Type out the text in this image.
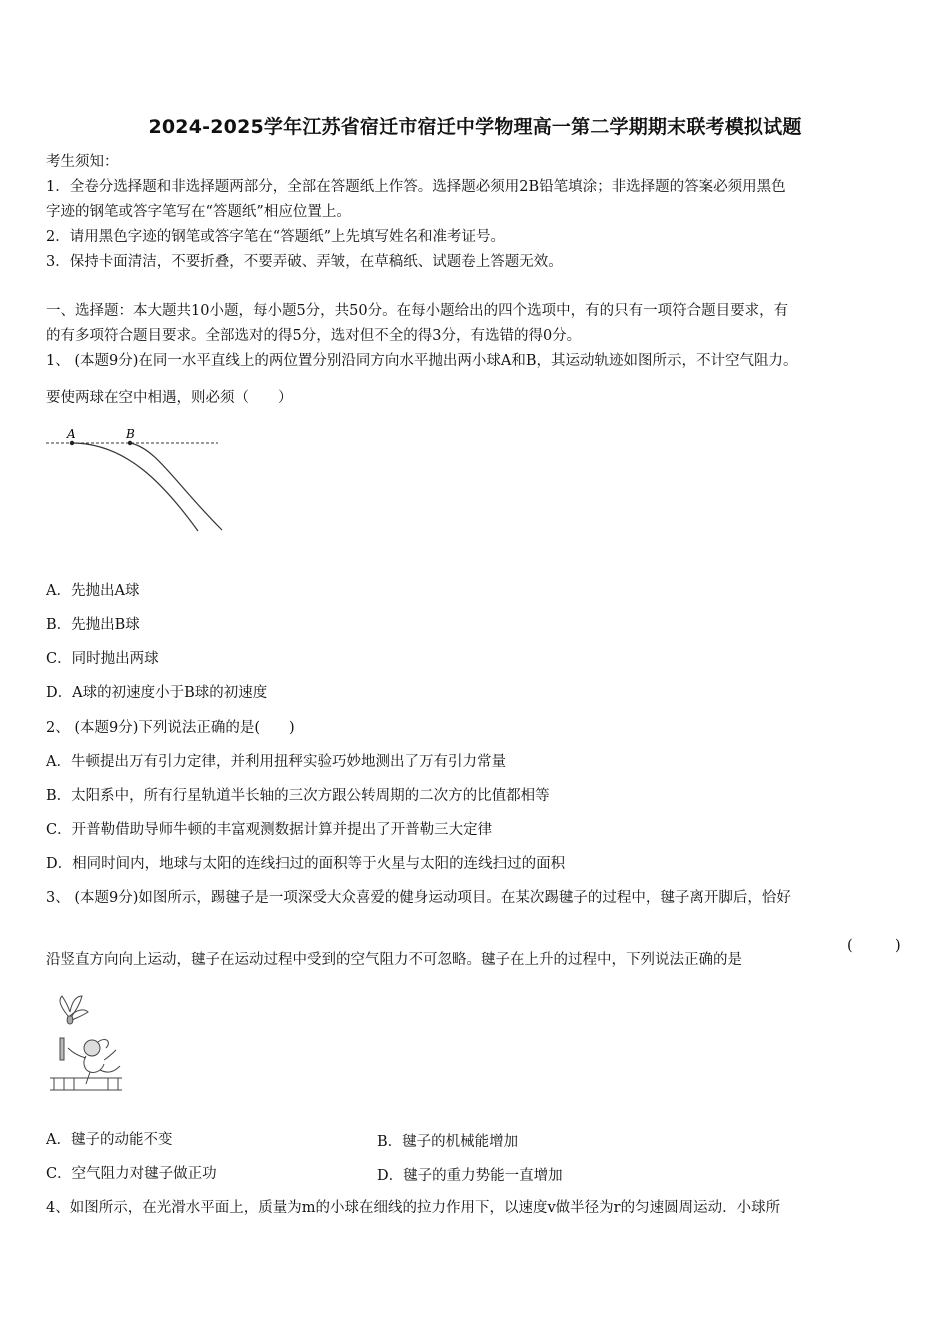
2024-2025学年江苏省宿迁市宿迁中学物理高一第二学期期末联考模拟试题
考生须知：
1．全卷分选择题和非选择题两部分，全部在答题纸上作答。选择题必须用2B铅笔填涂；非选择题的答案必须用黑色
字迹的钢笔或答字笔写在“答题纸”相应位置上。
2．请用黑色字迹的钢笔或答字笔在“答题纸”上先填写姓名和准考证号。
3．保持卡面清洁，不要折叠，不要弄破、弄皱，在草稿纸、试题卷上答题无效。
一、选择题：本大题共10小题，每小题5分，共50分。在每小题给出的四个选项中，有的只有一项符合题目要求，有
的有多项符合题目要求。全部选对的得5分，选对但不全的得3分，有选错的得0分。
1、 (本题9分)在同一水平直线上的两位置分别沿同方向水平抛出两小球A和B，其运动轨迹如图所示，不计空气阻力。
要使两球在空中相遇，则必须（　　）
A	B
A．先抛出A球
B．先抛出B球
C．同时抛出两球
D．A球的初速度小于B球的初速度
2、 (本题9分)下列说法正确的是(　　)
A．牛顿提出万有引力定律，并利用扭秤实验巧妙地测出了万有引力常量
B．太阳系中，所有行星轨道半长轴的三次方跟公转周期的二次方的比值都相等
C．开普勒借助导师牛顿的丰富观测数据计算并提出了开普勒三大定律
D．相同时间内，地球与太阳的连线扫过的面积等于火星与太阳的连线扫过的面积
3、 (本题9分)如图所示，踢毽子是一项深受大众喜爱的健身运动项目。在某次踢毽子的过程中，毽子离开脚后，恰好
沿竖直方向向上运动，毽子在运动过程中受到的空气阻力不可忽略。毽子在上升的过程中，下列说法正确的是
(	)
A．毽子的动能不变	B．毽子的机械能增加
C．空气阻力对毽子做正功	D．毽子的重力势能一直增加
4、如图所示，在光滑水平面上，质量为m的小球在细线的拉力作用下，以速度v做半径为r的匀速圆周运动．小球所
